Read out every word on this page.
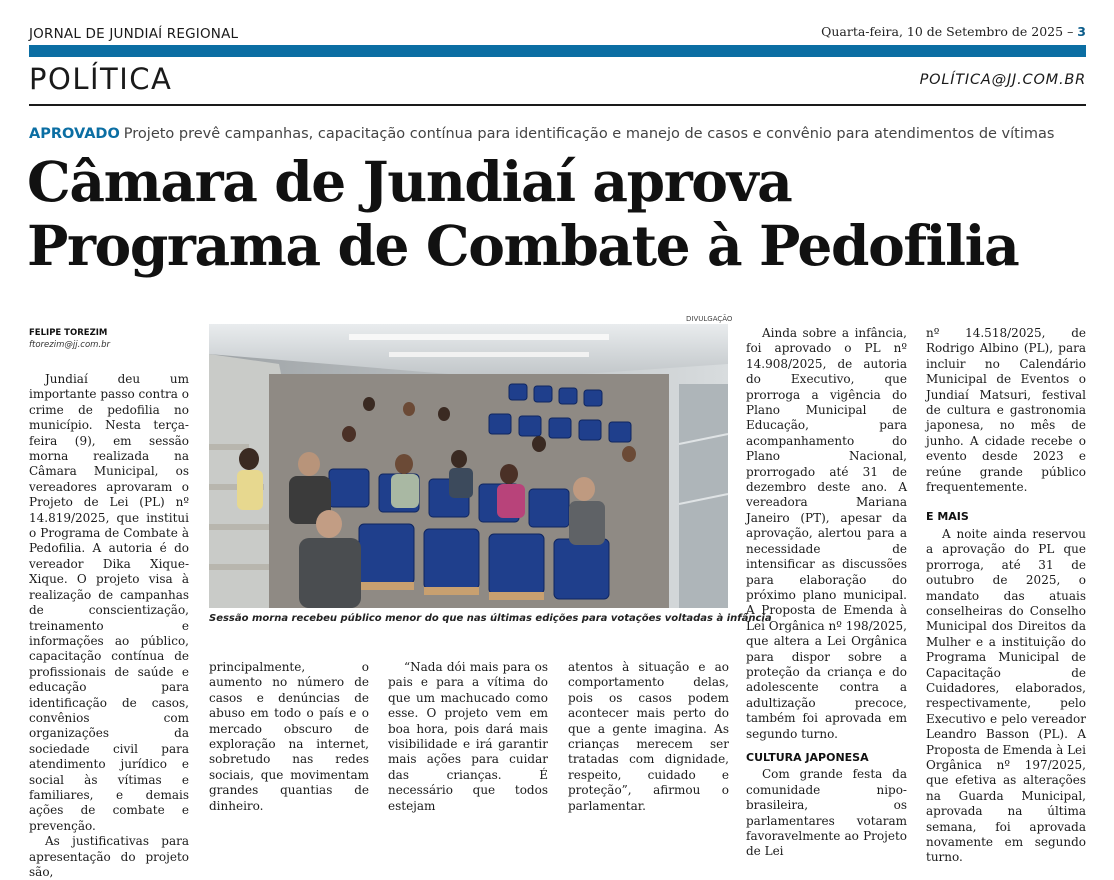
JORNAL DE JUNDIAÍ REGIONAL	Quarta-feira, 10 de Setembro de 2025 – 3
POLÍTICA	POLÍTICA@JJ.COM.BR
APROVADO Projeto prevê campanhas, capacitação contínua para identificação e manejo de casos e convênio para atendimentos de vítimas
Câmara de Jundiaí aprova
Programa de Combate à Pedofilia
FELIPE TOREZIM
ftorezim@jj.com.br
DIVULGAÇÃO
Sessão morna recebeu público menor do que nas últimas edições para votações voltadas à infância

Jundiaí deu um importante passo contra o crime de pedofilia no município. Nesta terça-feira (9), em sessão morna realizada na Câmara Municipal, os vereadores aprovaram o Projeto de Lei (PL) nº 14.819/2025, que institui o Programa de Combate à Pedofilia. A autoria é do vereador Dika Xique-Xique. O projeto visa à realização de campanhas de conscientização, treinamento e informações ao público, capacitação contínua de profissionais de saúde e educação para identificação de casos, convênios com organizações da sociedade civil para atendimento jurídico e social às vítimas e familiares, e demais ações de combate e prevenção.

As justificativas para apresentação do projeto são,

principalmente, o aumento no número de casos e denúncias de abuso em todo o país e o mercado obscuro de exploração na internet, sobretudo nas redes sociais, que movimentam grandes quantias de dinheiro.

“Nada dói mais para os pais e para a vítima do que um machucado como esse. O projeto vem em boa hora, pois dará mais visibilidade e irá garantir mais ações para cuidar das crianças. É necessário que todos estejam

atentos à situação e ao comportamento delas, pois os casos podem acontecer mais perto do que a gente imagina. As crianças merecem ser tratadas com dignidade, respeito, cuidado e proteção”, afirmou o parlamentar.

Ainda sobre a infância, foi aprovado o PL nº 14.908/2025, de autoria do Executivo, que prorroga a vigência do Plano Municipal de Educação, para acompanhamento do Plano Nacional, prorrogado até 31 de dezembro deste ano. A vereadora Mariana Janeiro (PT), apesar da aprovação, alertou para a necessidade de intensificar as discussões para elaboração do próximo plano municipal. A Proposta de Emenda à Lei Orgânica nº 198/2025, que altera a Lei Orgânica para dispor sobre a proteção da criança e do adolescente contra a adultização precoce, também foi aprovada em segundo turno.

CULTURA JAPONESA

Com grande festa da comunidade nipo-brasileira, os parlamentares votaram favoravelmente ao Projeto de Lei

nº 14.518/2025, de Rodrigo Albino (PL), para incluir no Calendário Municipal de Eventos o Jundiaí Matsuri, festival de cultura e gastronomia japonesa, no mês de junho. A cidade recebe o evento desde 2023 e reúne grande público frequentemente.

E MAIS

A noite ainda reservou a aprovação do PL que prorroga, até 31 de outubro de 2025, o mandato das atuais conselheiras do Conselho Municipal dos Direitos da Mulher e a instituição do Programa Municipal de Capacitação de Cuidadores, elaborados, respectivamente, pelo Executivo e pelo vereador Leandro Basson (PL). A Proposta de Emenda à Lei Orgânica nº 197/2025, que efetiva as alterações na Guarda Municipal, aprovada na última semana, foi aprovada novamente em segundo turno.
